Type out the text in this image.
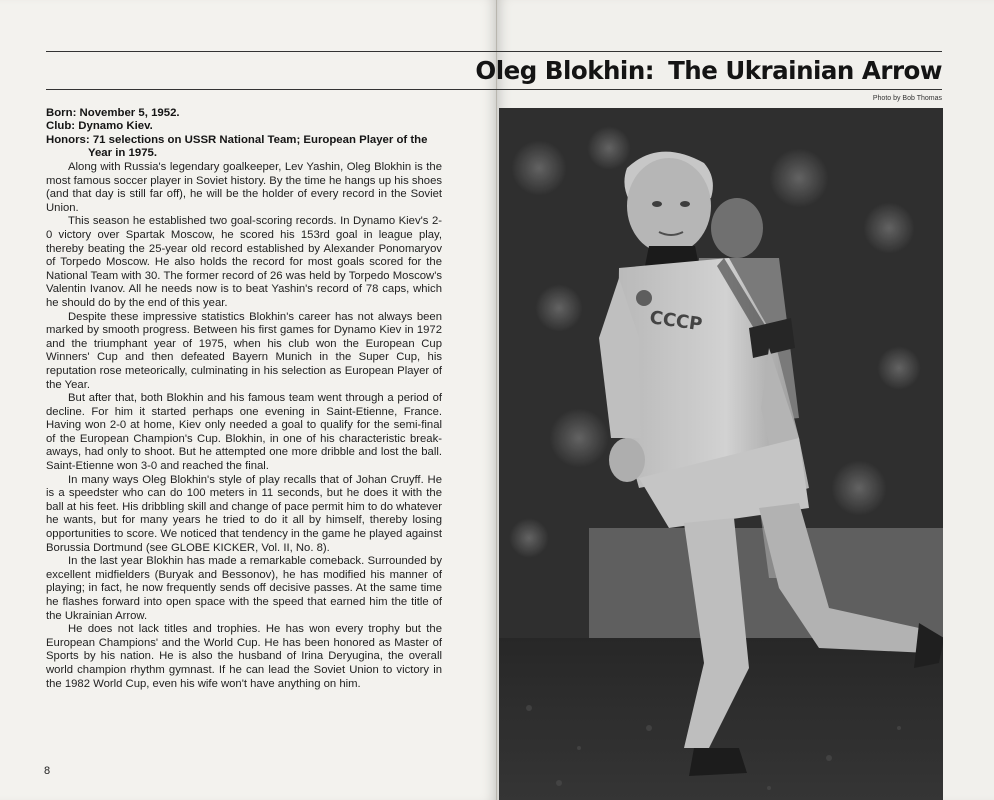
Oleg Blokhin: The Ukrainian Arrow
Photo by Bob Thomas
Born: November 5, 1952.
Club: Dynamo Kiev.
Honors: 71 selections on USSR National Team; European Player of the
Year in 1975.

Along with Russia's legendary goalkeeper, Lev Yashin, Oleg Blokhin is the most famous soccer player in Soviet history. By the time he hangs up his shoes (and that day is still far off), he will be the holder of every record in the Soviet Union.

This season he established two goal-scoring records. In Dynamo Kiev's 2-0 victory over Spartak Moscow, he scored his 153rd goal in league play, thereby beating the 25-year old record established by Alexander Ponomaryov of Torpedo Moscow. He also holds the record for most goals scored for the National Team with 30. The former record of 26 was held by Torpedo Moscow's Valentin Ivanov. All he needs now is to beat Yashin's record of 78 caps, which he should do by the end of this year.

Despite these impressive statistics Blokhin's career has not always been marked by smooth progress. Between his first games for Dynamo Kiev in 1972 and the triumphant year of 1975, when his club won the European Cup Winners' Cup and then defeated Bayern Munich in the Super Cup, his reputation rose meteorically, culminating in his selection as European Player of the Year.

But after that, both Blokhin and his famous team went through a period of decline. For him it started perhaps one evening in Saint-Etienne, France. Having won 2-0 at home, Kiev only needed a goal to qualify for the semi-final of the European Champion's Cup. Blokhin, in one of his characteristic break-aways, had only to shoot. But he attempted one more dribble and lost the ball. Saint-Etienne won 3-0 and reached the final.

In many ways Oleg Blokhin's style of play recalls that of Johan Cruyff. He is a speedster who can do 100 meters in 11 seconds, but he does it with the ball at his feet. His dribbling skill and change of pace permit him to do whatever he wants, but for many years he tried to do it all by himself, thereby losing opportunities to score. We noticed that tendency in the game he played against Borussia Dortmund (see GLOBE KICKER, Vol. II, No. 8).

In the last year Blokhin has made a remarkable comeback. Surrounded by excellent midfielders (Buryak and Bessonov), he has modified his manner of playing; in fact, he now frequently sends off decisive passes. At the same time he flashes forward into open space with the speed that earned him the title of the Ukrainian Arrow.

He does not lack titles and trophies. He has won every trophy but the European Champions' and the World Cup. He has been honored as Master of Sports by his nation. He is also the husband of Irina Deryugina, the overall world champion rhythm gymnast. If he can lead the Soviet Union to victory in the 1982 World Cup, even his wife won't have anything on him.

8
CCCP
